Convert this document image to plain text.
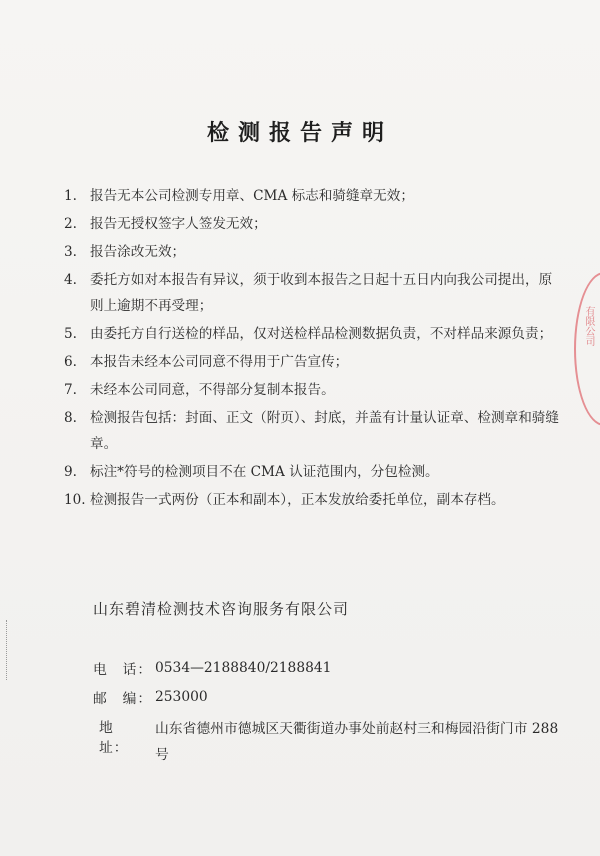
检测报告声明
1. 报告无本公司检测专用章、CMA 标志和骑缝章无效；
2. 报告无授权签字人签发无效；
3. 报告涂改无效；
4. 委托方如对本报告有异议，须于收到本报告之日起十五日内向我公司提出，原则上逾期不再受理；
5. 由委托方自行送检的样品，仅对送检样品检测数据负责，不对样品来源负责；
6. 本报告未经本公司同意不得用于广告宣传；
7. 未经本公司同意，不得部分复制本报告。
8. 检测报告包括：封面、正文（附页）、封底，并盖有计量认证章、检测章和骑缝章。
9. 标注*符号的检测项目不在 CMA 认证范围内，分包检测。
10. 检测报告一式两份（正本和副本），正本发放给委托单位，副本存档。
山东碧清检测技术咨询服务有限公司
电　话： 0534—2188840/2188841
邮　编： 253000
地　址：
山东省德州市德城区天衢街道办事处前赵村三和梅园沿街门市 288 号
有限公司
